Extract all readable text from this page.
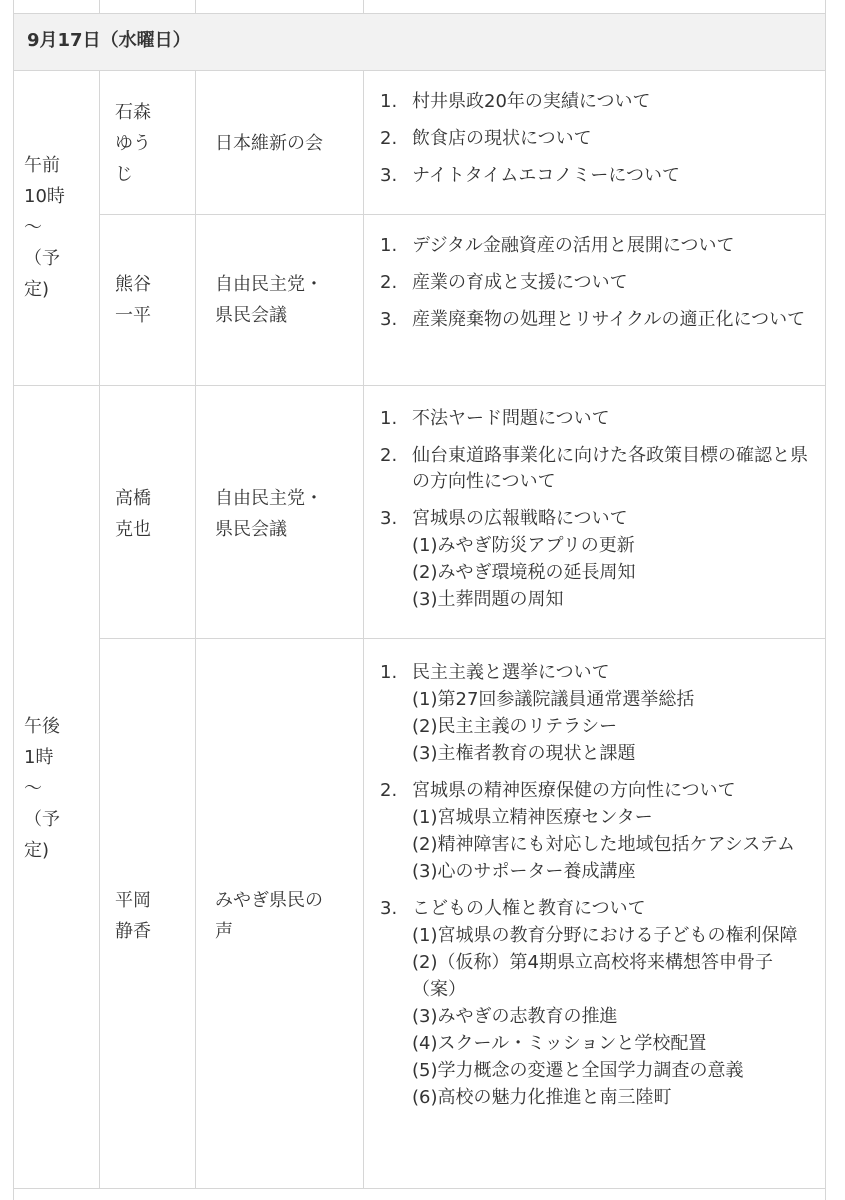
9月17日（水曜日）
午前
10時
〜
（予
定)
石森
ゆう
じ
日本維新の会
1. 村井県政20年の実績について
2. 飲食店の現状について
3. ナイトタイムエコノミーについて
熊谷
一平
自由民主党・
県民会議
1. デジタル金融資産の活用と展開について
2. 産業の育成と支援について
3. 産業廃棄物の処理とリサイクルの適正化について
午後
1時
〜
（予
定)
高橋
克也
自由民主党・
県民会議
1. 不法ヤード問題について
2. 仙台東道路事業化に向けた各政策目標の確認と県の方向性について
3. 宮城県の広報戦略について
(1)みやぎ防災アプリの更新
(2)みやぎ環境税の延長周知
(3)土葬問題の周知
平岡
静香
みやぎ県民の
声
1. 民主主義と選挙について
(1)第27回参議院議員通常選挙総括
(2)民主主義のリテラシー
(3)主権者教育の現状と課題
2. 宮城県の精神医療保健の方向性について
(1)宮城県立精神医療センター
(2)精神障害にも対応した地域包括ケアシステム
(3)心のサポーター養成講座
3. こどもの人権と教育について
(1)宮城県の教育分野における子どもの権利保障
(2)（仮称）第4期県立高校将来構想答申骨子（案）
(3)みやぎの志教育の推進
(4)スクール・ミッションと学校配置
(5)学力概念の変遷と全国学力調査の意義
(6)高校の魅力化推進と南三陸町
